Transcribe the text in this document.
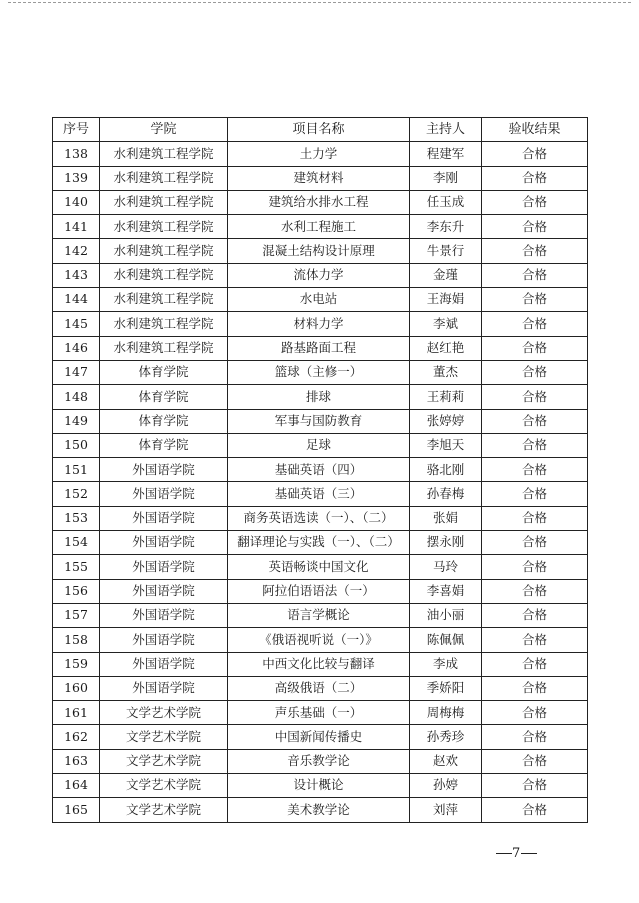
序号	学院	项目名称	主持人	验收结果
138	水利建筑工程学院	土力学	程建军	合格
139	水利建筑工程学院	建筑材料	李刚	合格
140	水利建筑工程学院	建筑给水排水工程	任玉成	合格
141	水利建筑工程学院	水利工程施工	李东升	合格
142	水利建筑工程学院	混凝土结构设计原理	牛景行	合格
143	水利建筑工程学院	流体力学	金瑾	合格
144	水利建筑工程学院	水电站	王海娟	合格
145	水利建筑工程学院	材料力学	李斌	合格
146	水利建筑工程学院	路基路面工程	赵红艳	合格
147	体育学院	篮球（主修一）	董杰	合格
148	体育学院	排球	王莉莉	合格
149	体育学院	军事与国防教育	张婷婷	合格
150	体育学院	足球	李旭天	合格
151	外国语学院	基础英语（四）	骆北刚	合格
152	外国语学院	基础英语（三）	孙春梅	合格
153	外国语学院	商务英语选读（一）、（二）	张娟	合格
154	外国语学院	翻译理论与实践（一）、（二）	摆永刚	合格
155	外国语学院	英语畅谈中国文化	马玲	合格
156	外国语学院	阿拉伯语语法（一）	李喜娟	合格
157	外国语学院	语言学概论	油小丽	合格
158	外国语学院	《俄语视听说（一）》	陈佩佩	合格
159	外国语学院	中西文化比较与翻译	李成	合格
160	外国语学院	高级俄语（二）	季娇阳	合格
161	文学艺术学院	声乐基础（一）	周梅梅	合格
162	文学艺术学院	中国新闻传播史	孙秀珍	合格
163	文学艺术学院	音乐教学论	赵欢	合格
164	文学艺术学院	设计概论	孙婷	合格
165	文学艺术学院	美术教学论	刘萍	合格
7
